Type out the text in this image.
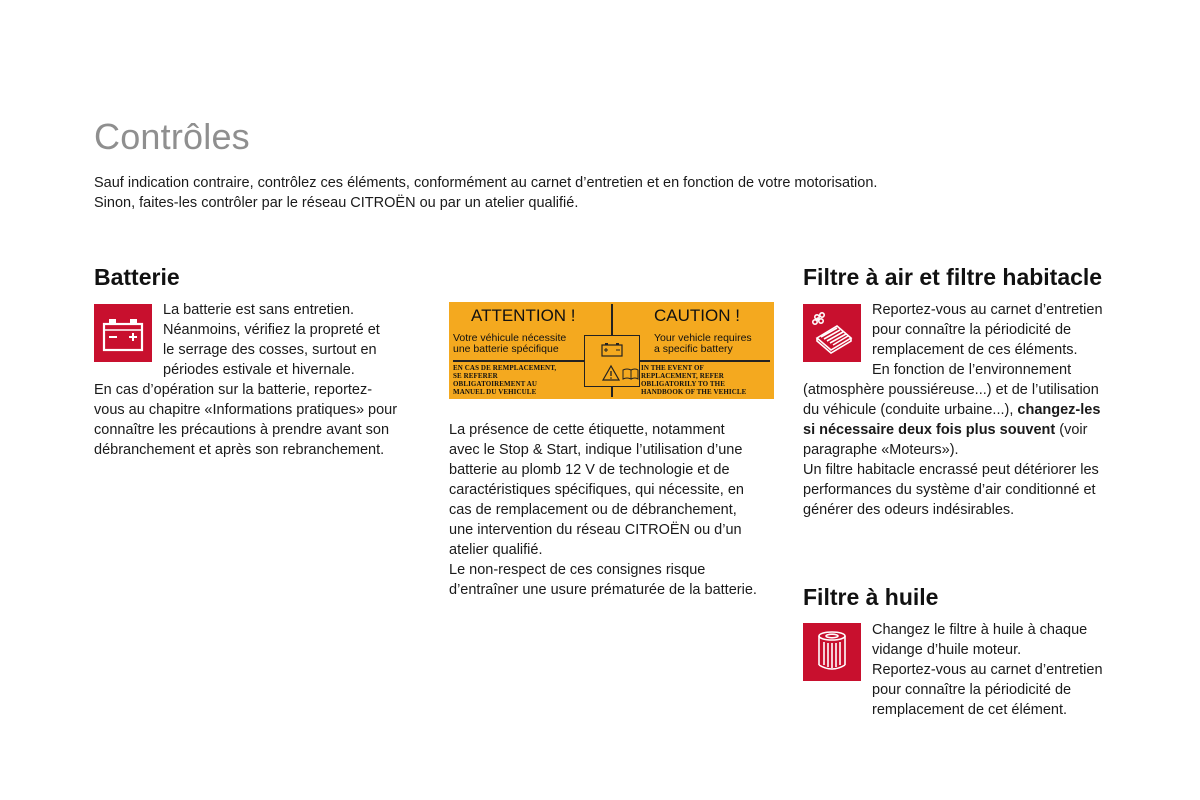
Contrôles
Sauf indication contraire, contrôlez ces éléments, conformément au carnet d’entretien et en fonction de votre motorisation.
Sinon, faites-les contrôler par le réseau CITROËN ou par un atelier qualifié.
Batterie
La batterie est sans entretien.
Néanmoins, vérifiez la propreté et
le serrage des cosses, surtout en
périodes estivale et hivernale.
En cas d’opération sur la batterie, reportez-
vous au chapitre «Informations pratiques» pour
connaître les précautions à prendre avant son
débranchement et après son rebranchement.
ATTENTION !	CAUTION !
Votre véhicule nécessite
une batterie spécifique
Your vehicle requires
a specific battery
EN CAS DE REMPLACEMENT,
SE REFERER
OBLIGATOIREMENT AU
MANUEL DU VEHICULE
IN THE EVENT OF
REPLACEMENT, REFER
OBLIGATORILY TO THE
HANDBOOK OF THE VEHICLE
La présence de cette étiquette, notamment
avec le Stop & Start, indique l’utilisation d’une
batterie au plomb 12 V de technologie et de
caractéristiques spécifiques, qui nécessite, en
cas de remplacement ou de débranchement,
une intervention du réseau CITROËN ou d’un
atelier qualifié.
Le non-respect de ces consignes risque
d’entraîner une usure prématurée de la batterie.
Filtre à air et filtre habitacle
Reportez-vous au carnet d’entretien
pour connaître la périodicité de
remplacement de ces éléments.
En fonction de l’environnement
(atmosphère poussiéreuse...) et de l’utilisation
du véhicule (conduite urbaine...), changez-les
si nécessaire deux fois plus souvent (voir
paragraphe «Moteurs»).
Un filtre habitacle encrassé peut détériorer les
performances du système d’air conditionné et
générer des odeurs indésirables.
Filtre à huile
Changez le filtre à huile à chaque
vidange d’huile moteur.
Reportez-vous au carnet d’entretien
pour connaître la périodicité de
remplacement de cet élément.
